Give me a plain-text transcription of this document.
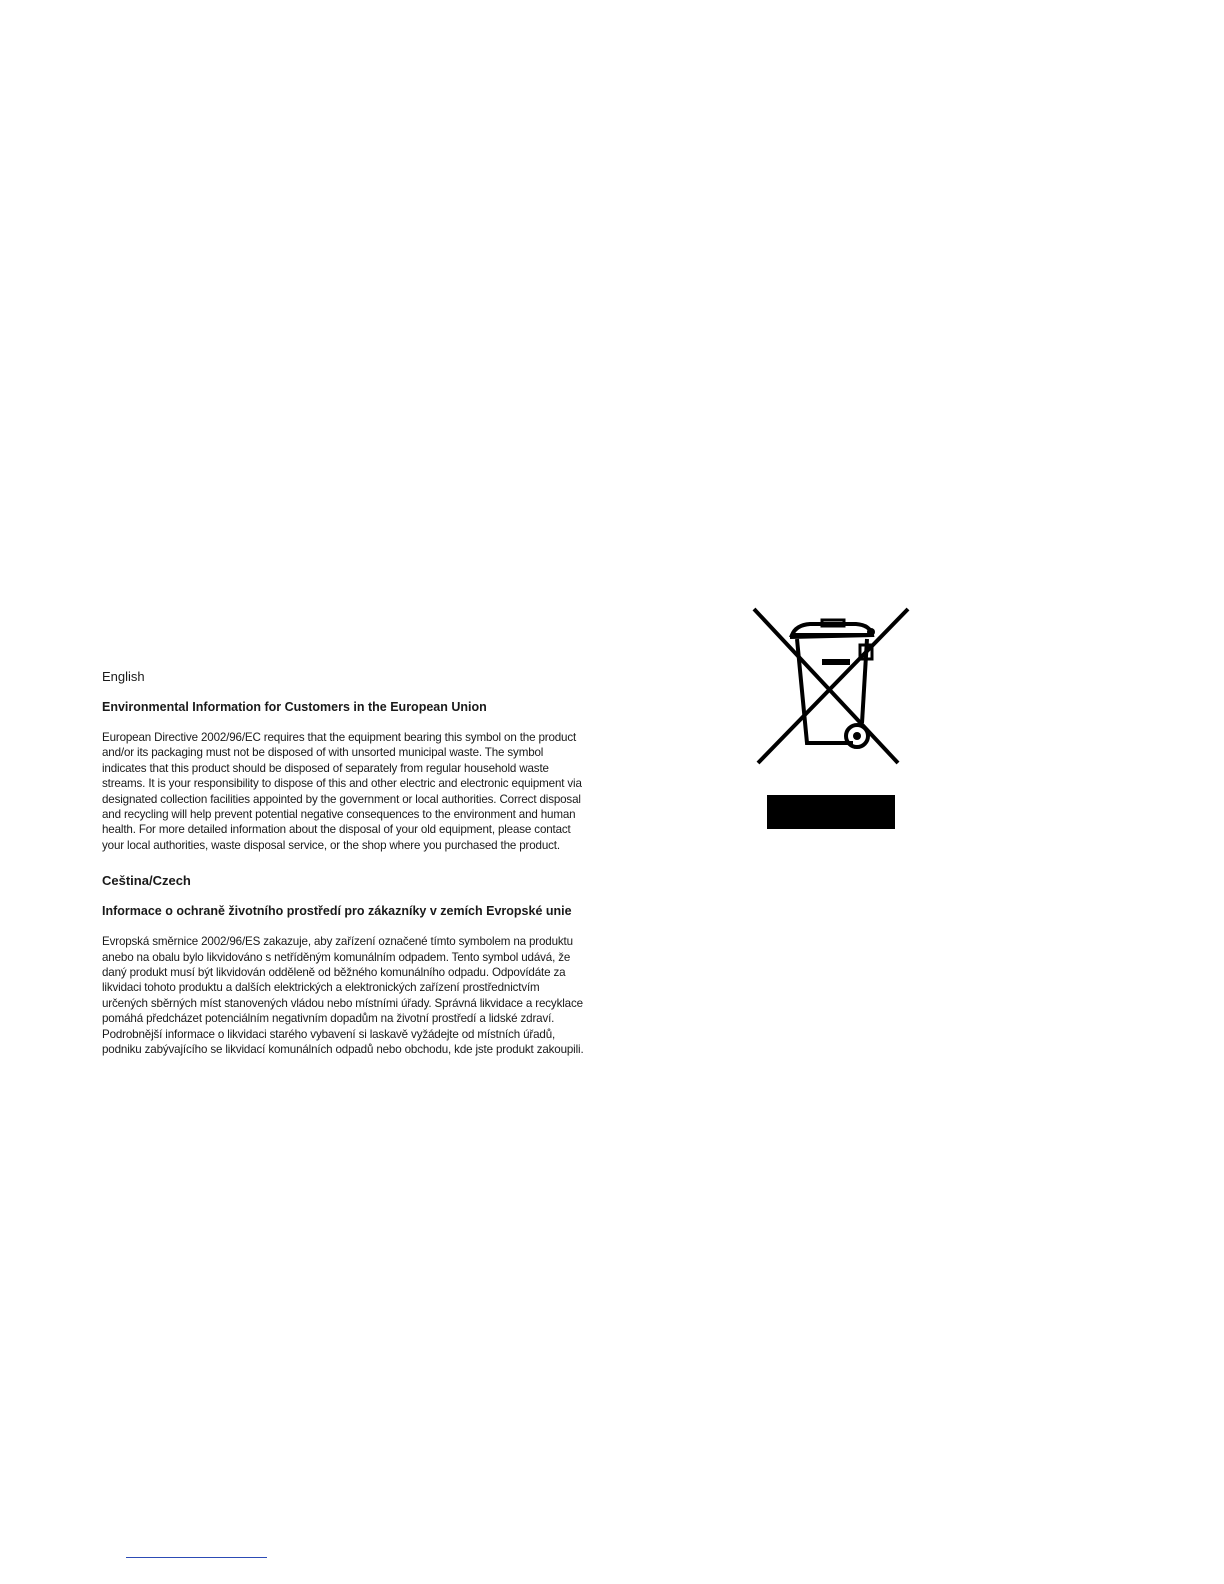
English

Environmental Information for Customers in the European Union

European Directive 2002/96/EC requires that the equipment bearing this symbol on the product and/or its packaging must not be disposed of with unsorted municipal waste. The symbol indicates that this product should be disposed of separately from regular household waste streams. It is your responsibility to dispose of this and other electric and electronic equipment via designated collection facilities appointed by the government or local authorities. Correct disposal and recycling will help prevent potential negative consequences to the environment and human health. For more detailed information about the disposal of your old equipment, please contact your local authorities, waste disposal service, or the shop where you purchased the product.

Ceština/Czech

Informace o ochraně životního prostředí pro zákazníky v zemích Evropské unie

Evropská směrnice 2002/96/ES zakazuje, aby zařízení označené tímto symbolem na produktu anebo na obalu bylo likvidováno s netříděným komunálním odpadem. Tento symbol udává, že daný produkt musí být likvidován odděleně od běžného komunálního odpadu. Odpovídáte za likvidaci tohoto produktu a dalších elektrických a elektronických zařízení prostřednictvím určených sběrných míst stanovených vládou nebo místními úřady. Správná likvidace a recyklace pomáhá předcházet potenciálním negativním dopadům na životní prostředí a lidské zdraví. Podrobnější informace o likvidaci starého vybavení si laskavě vyžádejte od místních úřadů, podniku zabývajícího se likvidací komunálních odpadů nebo obchodu, kde jste produkt zakoupili.
